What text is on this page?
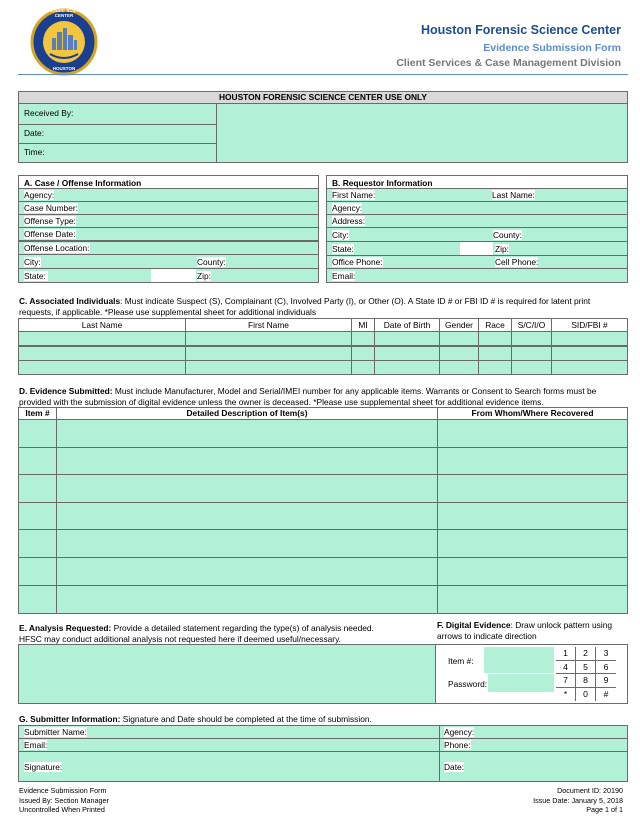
FORENSIC SCIENCE CENTER
HOUSTON
Houston Forensic Science Center
Evidence Submission Form
Client Services & Case Management Division
HOUSTON FORENSIC SCIENCE CENTER USE ONLY
Received By:
Date:
Time:
A. Case / Offense Information
Agency:
Case Number:
Offense Type:
Offense Date:
Offense Location:
City:	County:
State:	Zip:
B. Requestor Information
First Name:	Last Name:
Agency:
Address:
City:	County:
State:	Zip:
Office Phone:	Cell Phone:
Email:
C. Associated Individuals: Must indicate Suspect (S), Complainant (C), Involved Party (I), or Other (O). A State ID # or FBI ID # is required for latent print requests, if applicable. *Please use supplemental sheet for additional individuals
Last Name	First Name	MI	Date of Birth	Gender	Race	S/C/I/O	SID/FBI #
D. Evidence Submitted: Must include Manufacturer, Model and Serial/IMEI number for any applicable items. Warrants or Consent to Search forms must be provided with the submission of digital evidence unless the owner is deceased. *Please use supplemental sheet for additional evidence items.
Item #	Detailed Description of Item(s)	From Whom/Where Recovered
E. Analysis Requested: Provide a detailed statement regarding the type(s) of analysis needed.
HFSC may conduct additional analysis not requested here if deemed useful/necessary.
F. Digital Evidence: Draw unlock pattern using
arrows to indicate direction
Item #:
Password:
1	2	3
4	5	6
7	8	9
*	0	#
G. Submitter Information: Signature and Date should be completed at the time of submission.
Submitter Name:	Agency:
Email:	Phone:
Signature:	Date:
Evidence Submission Form
Issued By: Section Manager
Uncontrolled When Printed
Document ID: 20190
Issue Date: January 5, 2018
Page 1 of 1
